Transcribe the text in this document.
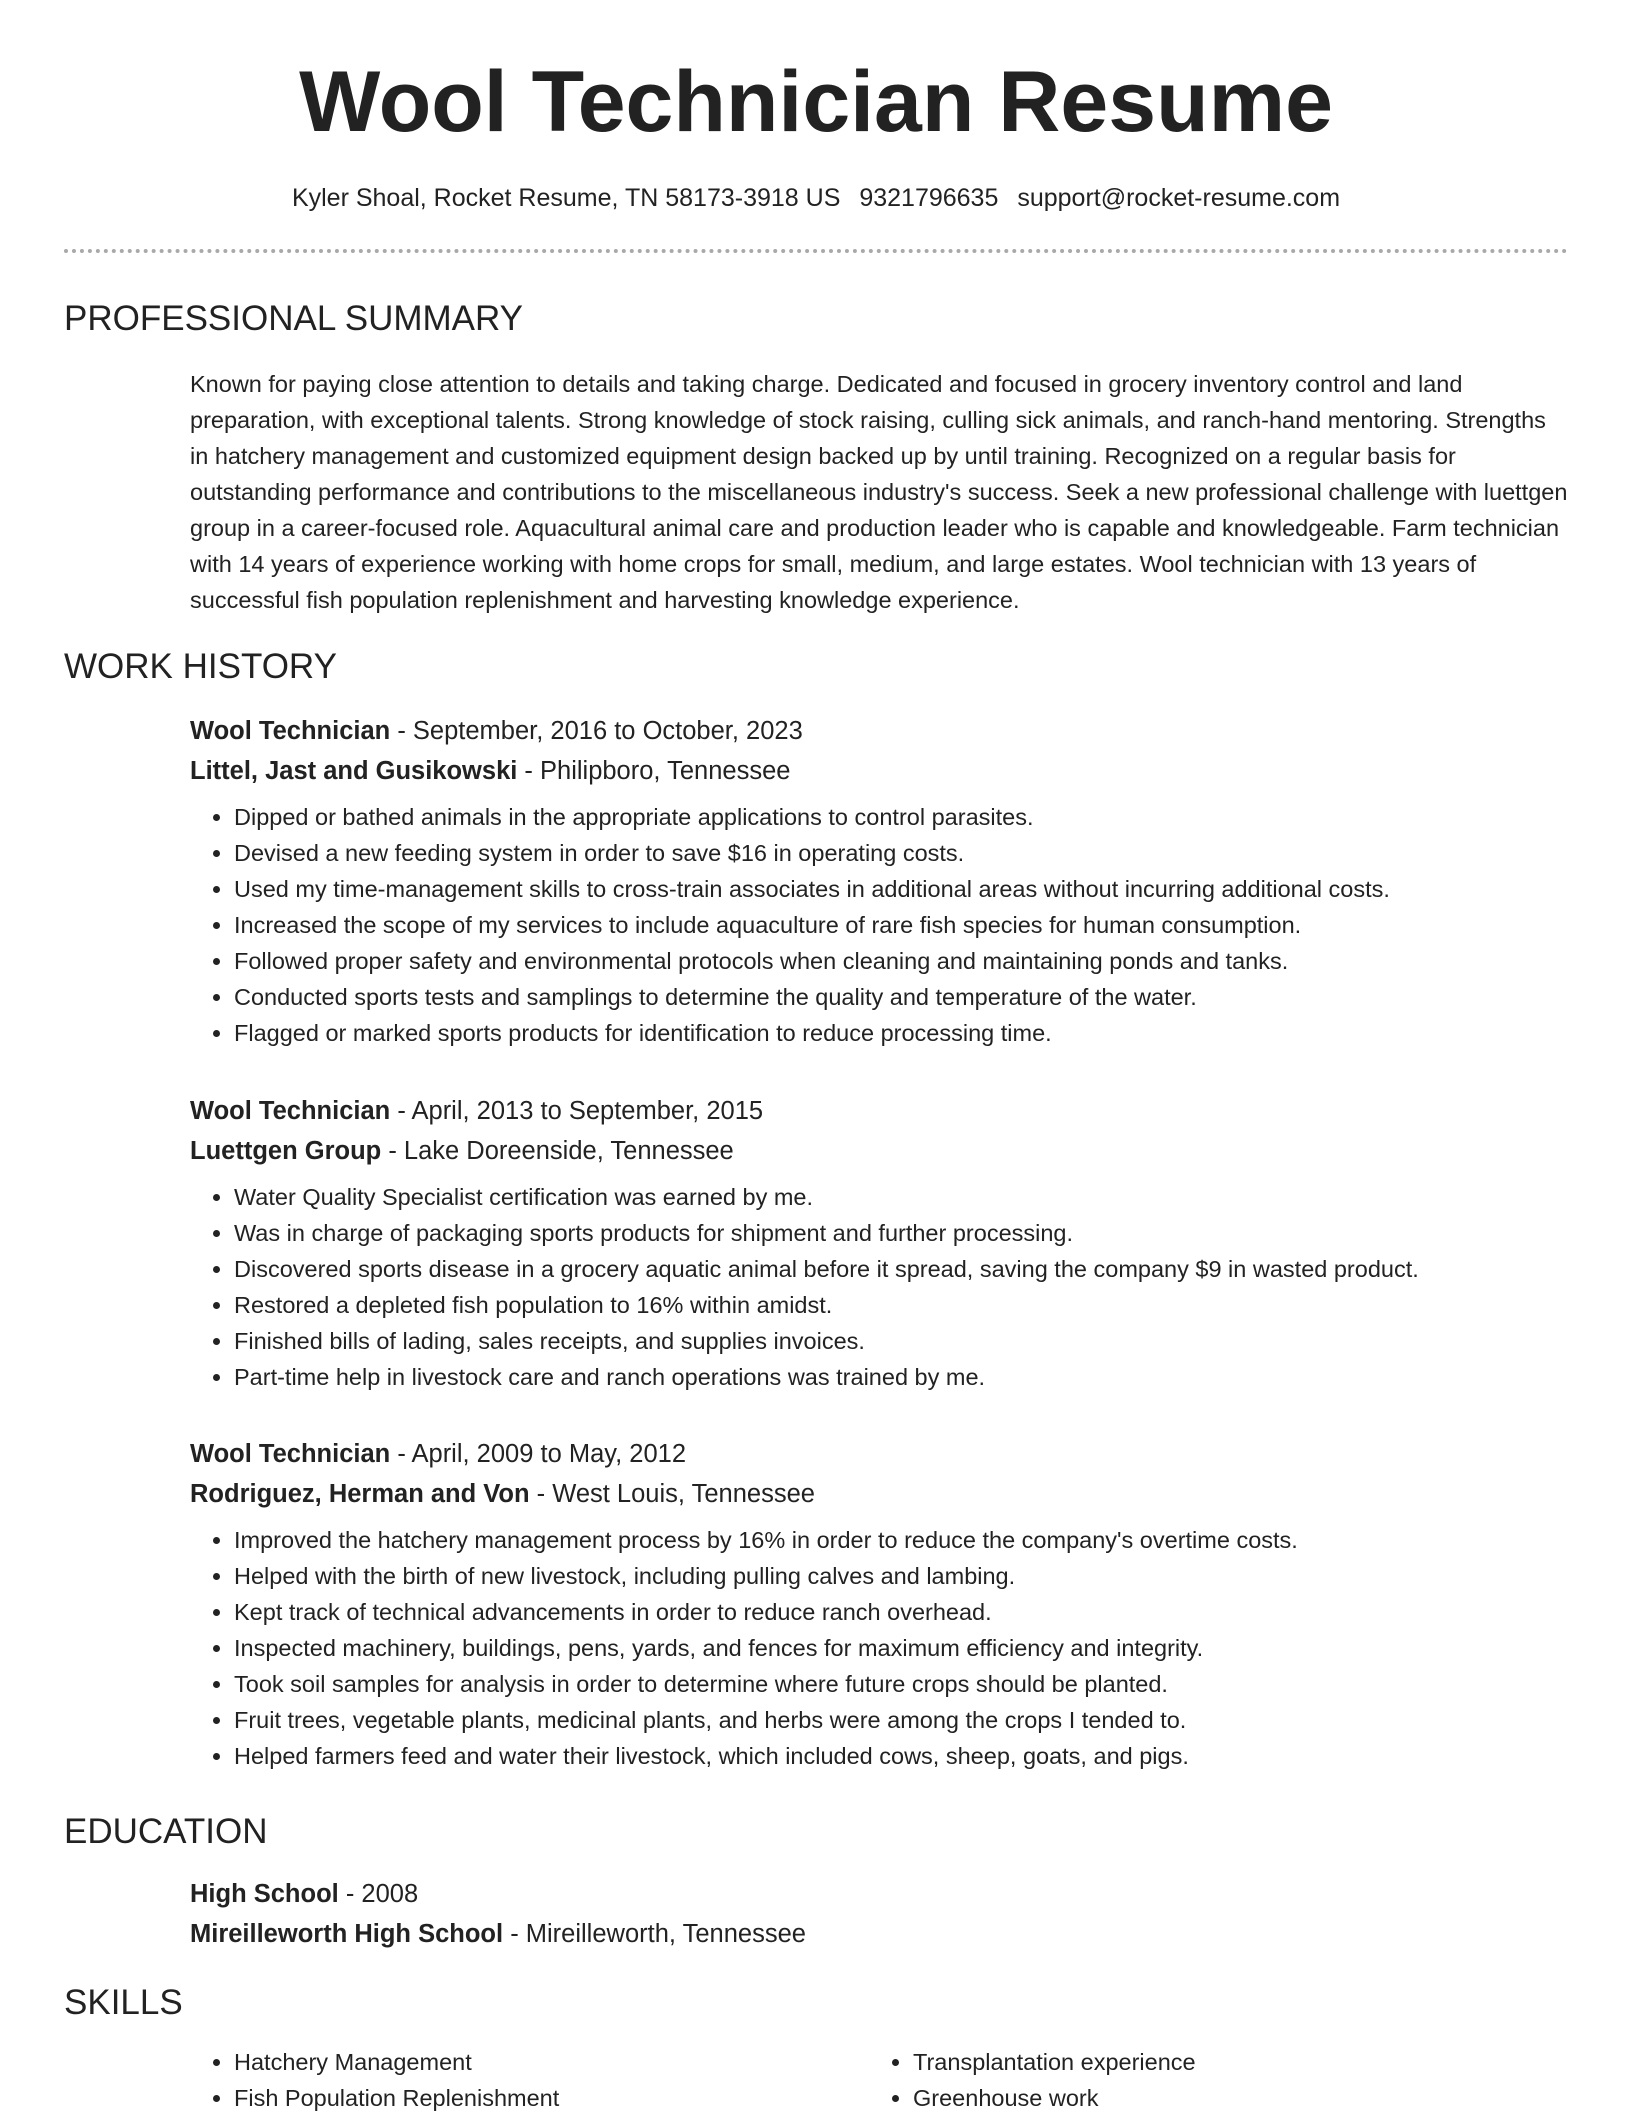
Wool Technician Resume
Kyler Shoal, Rocket Resume, TN 58173-3918 US 9321796635 support@rocket-resume.com
PROFESSIONAL SUMMARY
Known for paying close attention to details and taking charge. Dedicated and focused in grocery inventory control and land preparation, with exceptional talents. Strong knowledge of stock raising, culling sick animals, and ranch-hand mentoring. Strengths in hatchery management and customized equipment design backed up by until training. Recognized on a regular basis for outstanding performance and contributions to the miscellaneous industry's success. Seek a new professional challenge with luettgen group in a career-focused role. Aquacultural animal care and production leader who is capable and knowledgeable. Farm technician with 14 years of experience working with home crops for small, medium, and large estates. Wool technician with 13 years of successful fish population replenishment and harvesting knowledge experience.
WORK HISTORY
Wool Technician - September, 2016 to October, 2023
Littel, Jast and Gusikowski - Philipboro, Tennessee
• Dipped or bathed animals in the appropriate applications to control parasites.
• Devised a new feeding system in order to save $16 in operating costs.
• Used my time-management skills to cross-train associates in additional areas without incurring additional costs.
• Increased the scope of my services to include aquaculture of rare fish species for human consumption.
• Followed proper safety and environmental protocols when cleaning and maintaining ponds and tanks.
• Conducted sports tests and samplings to determine the quality and temperature of the water.
• Flagged or marked sports products for identification to reduce processing time.
Wool Technician - April, 2013 to September, 2015
Luettgen Group - Lake Doreenside, Tennessee
• Water Quality Specialist certification was earned by me.
• Was in charge of packaging sports products for shipment and further processing.
• Discovered sports disease in a grocery aquatic animal before it spread, saving the company $9 in wasted product.
• Restored a depleted fish population to 16% within amidst.
• Finished bills of lading, sales receipts, and supplies invoices.
• Part-time help in livestock care and ranch operations was trained by me.
Wool Technician - April, 2009 to May, 2012
Rodriguez, Herman and Von - West Louis, Tennessee
• Improved the hatchery management process by 16% in order to reduce the company's overtime costs.
• Helped with the birth of new livestock, including pulling calves and lambing.
• Kept track of technical advancements in order to reduce ranch overhead.
• Inspected machinery, buildings, pens, yards, and fences for maximum efficiency and integrity.
• Took soil samples for analysis in order to determine where future crops should be planted.
• Fruit trees, vegetable plants, medicinal plants, and herbs were among the crops I tended to.
• Helped farmers feed and water their livestock, which included cows, sheep, goats, and pigs.
EDUCATION
High School - 2008
Mireilleworth High School - Mireilleworth, Tennessee
SKILLS
• Hatchery Management
• Fish Population Replenishment
• Transplantation experience
• Greenhouse work
